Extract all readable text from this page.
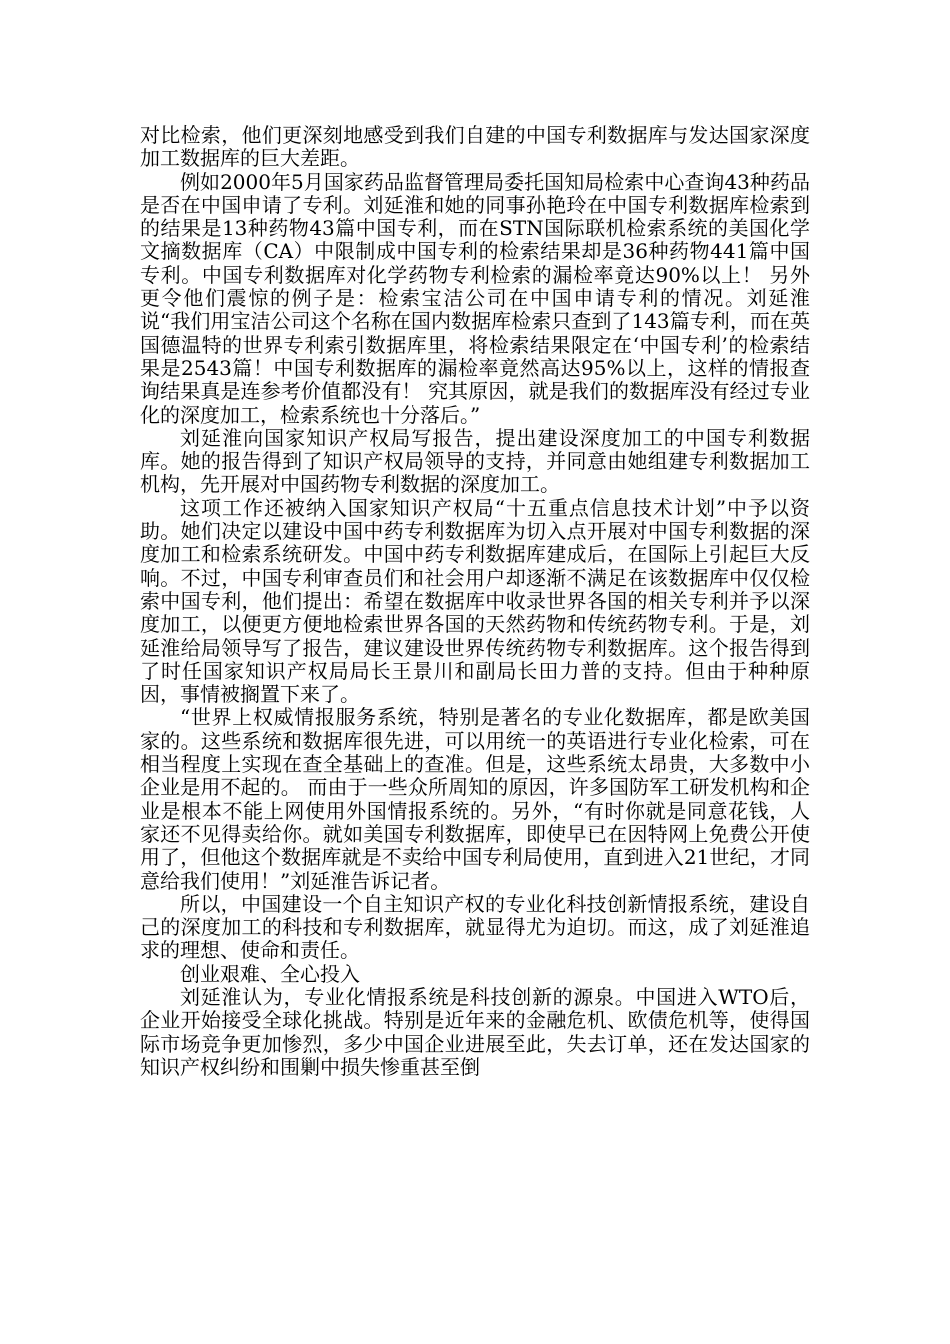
对比检索，他们更深刻地感受到我们自建的中国专利数据库与发达国家深度加工数据库的巨大差距。

例如2000年5月国家药品监督管理局委托国知局检索中心查询43种药品是否在中国申请了专利。刘延淮和她的同事孙艳玲在中国专利数据库检索到的结果是13种药物43篇中国专利，而在STN国际联机检索系统的美国化学文摘数据库（CA）中限制成中国专利的检索结果却是36种药物441篇中国专利。中国专利数据库对化学药物专利检索的漏检率竟达90%以上！ 另外更令他们震惊的例子是：检索宝洁公司在中国申请专利的情况。刘延淮说“我们用宝洁公司这个名称在国内数据库检索只查到了143篇专利，而在英国德温特的世界专利索引数据库里，将检索结果限定在‘中国专利’的检索结果是2543篇！中国专利数据库的漏检率竟然高达95%以上，这样的情报查询结果真是连参考价值都没有！ 究其原因，就是我们的数据库没有经过专业化的深度加工，检索系统也十分落后。”

刘延淮向国家知识产权局写报告，提出建设深度加工的中国专利数据库。她的报告得到了知识产权局领导的支持，并同意由她组建专利数据加工机构，先开展对中国药物专利数据的深度加工。

这项工作还被纳入国家知识产权局“十五重点信息技术计划”中予以资助。她们决定以建设中国中药专利数据库为切入点开展对中国专利数据的深度加工和检索系统研发。中国中药专利数据库建成后，在国际上引起巨大反响。不过，中国专利审查员们和社会用户却逐渐不满足在该数据库中仅仅检索中国专利，他们提出：希望在数据库中收录世界各国的相关专利并予以深度加工，以便更方便地检索世界各国的天然药物和传统药物专利。于是，刘延淮给局领导写了报告，建议建设世界传统药物专利数据库。这个报告得到了时任国家知识产权局局长王景川和副局长田力普的支持。但由于种种原因，事情被搁置下来了。

“世界上权威情报服务系统，特别是著名的专业化数据库，都是欧美国家的。这些系统和数据库很先进，可以用统一的英语进行专业化检索，可在相当程度上实现在查全基础上的查准。但是，这些系统太昂贵，大多数中小企业是用不起的。 而由于一些众所周知的原因，许多国防军工研发机构和企业是根本不能上网使用外国情报系统的。另外，“有时你就是同意花钱，人家还不见得卖给你。就如美国专利数据库，即使早已在因特网上免费公开使用了，但他这个数据库就是不卖给中国专利局使用，直到进入21世纪，才同意给我们使用！”刘延淮告诉记者。

所以，中国建设一个自主知识产权的专业化科技创新情报系统，建设自己的深度加工的科技和专利数据库，就显得尤为迫切。而这，成了刘延淮追求的理想、使命和责任。

创业艰难、全心投入

刘延淮认为，专业化情报系统是科技创新的源泉。中国进入WTO后，企业开始接受全球化挑战。特别是近年来的金融危机、欧债危机等，使得国际市场竞争更加惨烈，多少中国企业进展至此，失去订单，还在发达国家的知识产权纠纷和围剿中损失惨重甚至倒
